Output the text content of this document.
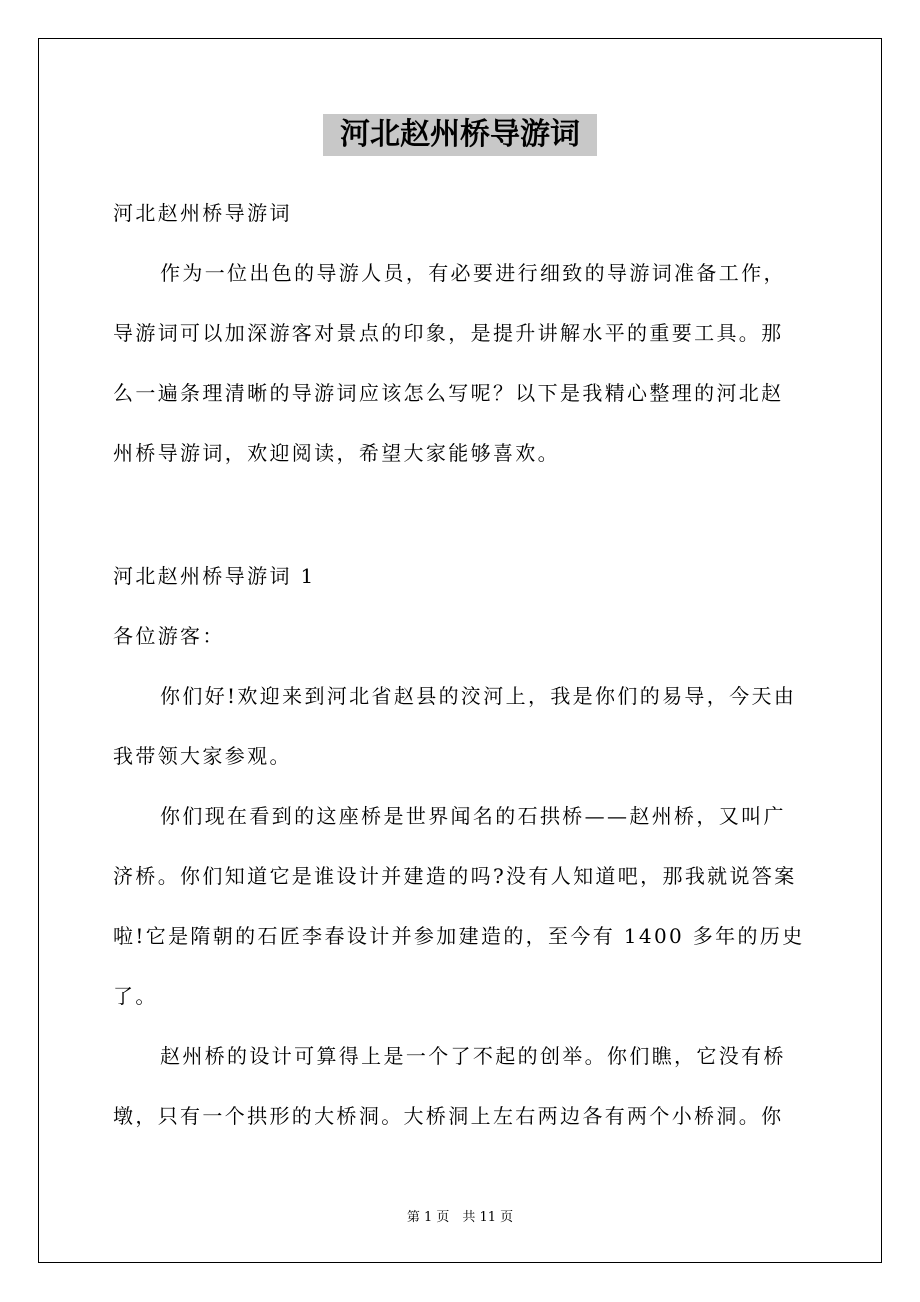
河北赵州桥导游词
河北赵州桥导游词
作为一位出色的导游人员，有必要进行细致的导游词准备工作，
导游词可以加深游客对景点的印象，是提升讲解水平的重要工具。那
么一遍条理清晰的导游词应该怎么写呢？以下是我精心整理的河北赵
州桥导游词，欢迎阅读，希望大家能够喜欢。
河北赵州桥导游词 1
各位游客：
你们好!欢迎来到河北省赵县的洨河上，我是你们的易导，今天由
我带领大家参观。
你们现在看到的这座桥是世界闻名的石拱桥——赵州桥，又叫广
济桥。你们知道它是谁设计并建造的吗?没有人知道吧，那我就说答案
啦!它是隋朝的石匠李春设计并参加建造的，至今有 1400 多年的历史
了。
赵州桥的设计可算得上是一个了不起的创举。你们瞧，它没有桥
墩，只有一个拱形的大桥洞。大桥洞上左右两边各有两个小桥洞。你
第 1 页　共 11 页
